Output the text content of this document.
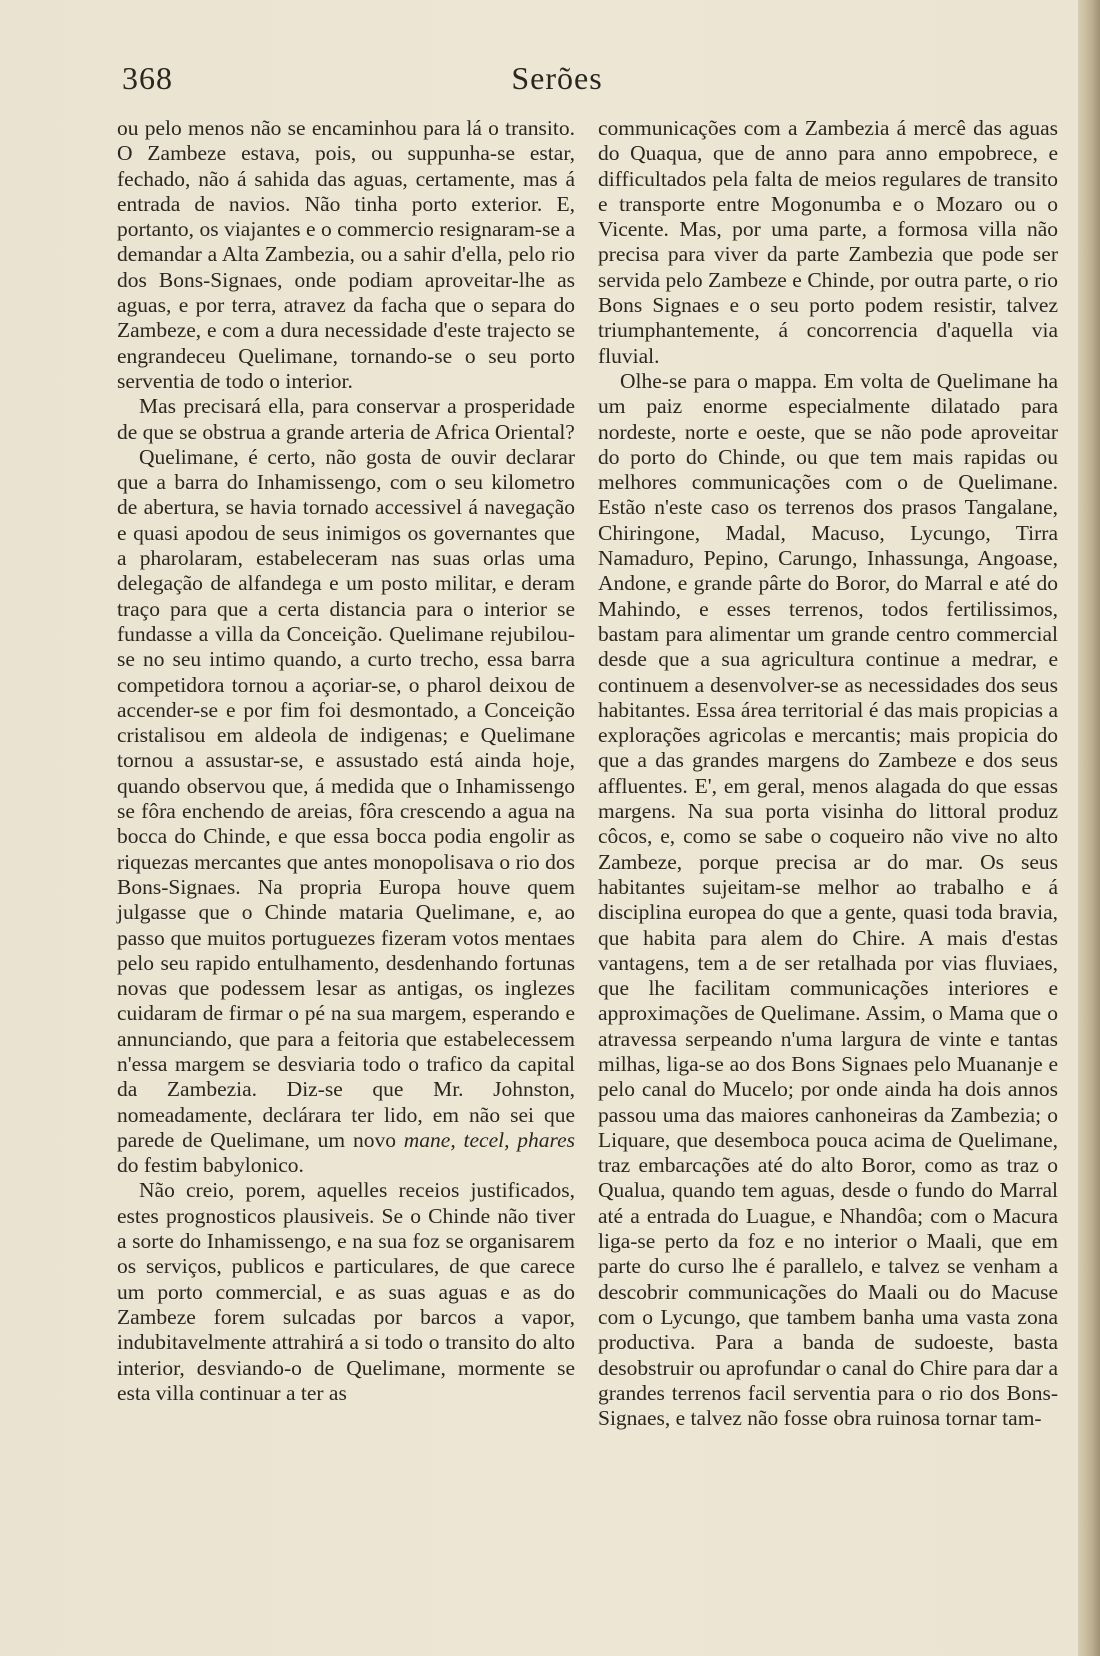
368	Serões

ou pelo menos não se encaminhou para lá o transito. O Zambeze estava, pois, ou suppunha-se estar, fechado, não á sahida das aguas, certamente, mas á entrada de navios. Não tinha porto exterior. E, portanto, os viajantes e o commercio resignaram-se a demandar a Alta Zambezia, ou a sahir d'ella, pelo rio dos Bons-Signaes, onde podiam aproveitar-lhe as aguas, e por terra, atravez da facha que o separa do Zambeze, e com a dura necessidade d'este trajecto se engrandeceu Quelimane, tornando-se o seu porto serventia de todo o interior.

Mas precisará ella, para conservar a prosperidade de que se obstrua a grande arteria de Africa Oriental?

Quelimane, é certo, não gosta de ouvir declarar que a barra do Inhamissengo, com o seu kilometro de abertura, se havia tornado accessivel á navegação e quasi apodou de seus inimigos os governantes que a pharolaram, estabeleceram nas suas orlas uma delegação de alfandega e um posto militar, e deram traço para que a certa distancia para o interior se fundasse a villa da Conceição. Quelimane rejubilou-se no seu intimo quando, a curto trecho, essa barra competidora tornou a açoriar-se, o pharol deixou de accender-se e por fim foi desmontado, a Conceição cristalisou em aldeola de indigenas; e Quelimane tornou a assustar-se, e assustado está ainda hoje, quando observou que, á medida que o Inhamissengo se fôra enchendo de areias, fôra crescendo a agua na bocca do Chinde, e que essa bocca podia engolir as riquezas mercantes que antes monopolisava o rio dos Bons-Signaes. Na propria Europa houve quem julgasse que o Chinde mataria Quelimane, e, ao passo que muitos portuguezes fizeram votos mentaes pelo seu rapido entulhamento, desdenhando fortunas novas que podessem lesar as antigas, os inglezes cuidaram de firmar o pé na sua margem, esperando e annunciando, que para a feitoria que estabelecessem n'essa margem se desviaria todo o trafico da capital da Zambezia. Diz-se que Mr. Johnston, nomeadamente, declárara ter lido, em não sei que parede de Quelimane, um novo mane, tecel, phares do festim babylonico.

Não creio, porem, aquelles receios justificados, estes prognosticos plausiveis. Se o Chinde não tiver a sorte do Inhamissengo, e na sua foz se organisarem os serviços, publicos e particulares, de que carece um porto commercial, e as suas aguas e as do Zambeze forem sulcadas por barcos a vapor, indubitavelmente attrahirá a si todo o transito do alto interior, desviando-o de Quelimane, mormente se esta villa continuar a ter as

communicações com a Zambezia á mercê das aguas do Quaqua, que de anno para anno empobrece, e difficultados pela falta de meios regulares de transito e transporte entre Mogonumba e o Mozaro ou o Vicente. Mas, por uma parte, a formosa villa não precisa para viver da parte Zambezia que pode ser servida pelo Zambeze e Chinde, por outra parte, o rio Bons Signaes e o seu porto podem resistir, talvez triumphantemente, á concorrencia d'aquella via fluvial.

Olhe-se para o mappa. Em volta de Quelimane ha um paiz enorme especialmente dilatado para nordeste, norte e oeste, que se não pode aproveitar do porto do Chinde, ou que tem mais rapidas ou melhores communicações com o de Quelimane. Estão n'este caso os terrenos dos prasos Tangalane, Chiringone, Madal, Macuso, Lycungo, Tirra Namaduro, Pepino, Carungo, Inhassunga, Angoase, Andone, e grande pârte do Boror, do Marral e até do Mahindo, e esses terrenos, todos fertilissimos, bastam para alimentar um grande centro commercial desde que a sua agricultura continue a medrar, e continuem a desenvolver-se as necessidades dos seus habitantes. Essa área territorial é das mais propicias a explorações agricolas e mercantis; mais propicia do que a das grandes margens do Zambeze e dos seus affluentes. E', em geral, menos alagada do que essas margens. Na sua porta visinha do littoral produz côcos, e, como se sabe o coqueiro não vive no alto Zambeze, porque precisa ar do mar. Os seus habitantes sujeitam-se melhor ao trabalho e á disciplina europea do que a gente, quasi toda bravia, que habita para alem do Chire. A mais d'estas vantagens, tem a de ser retalhada por vias fluviaes, que lhe facilitam communicações interiores e approximações de Quelimane. Assim, o Mama que o atravessa serpeando n'uma largura de vinte e tantas milhas, liga-se ao dos Bons Signaes pelo Muananje e pelo canal do Mucelo; por onde ainda ha dois annos passou uma das maiores canhoneiras da Zambezia; o Liquare, que desemboca pouca acima de Quelimane, traz embarcações até do alto Boror, como as traz o Qualua, quando tem aguas, desde o fundo do Marral até a entrada do Luague, e Nhandôa; com o Macura liga-se perto da foz e no interior o Maali, que em parte do curso lhe é parallelo, e talvez se venham a descobrir communicações do Maali ou do Macuse com o Lycungo, que tambem banha uma vasta zona productiva. Para a banda de sudoeste, basta desobstruir ou aprofundar o canal do Chire para dar a grandes terrenos facil serventia para o rio dos Bons-Signaes, e talvez não fosse obra ruinosa tornar tam-
